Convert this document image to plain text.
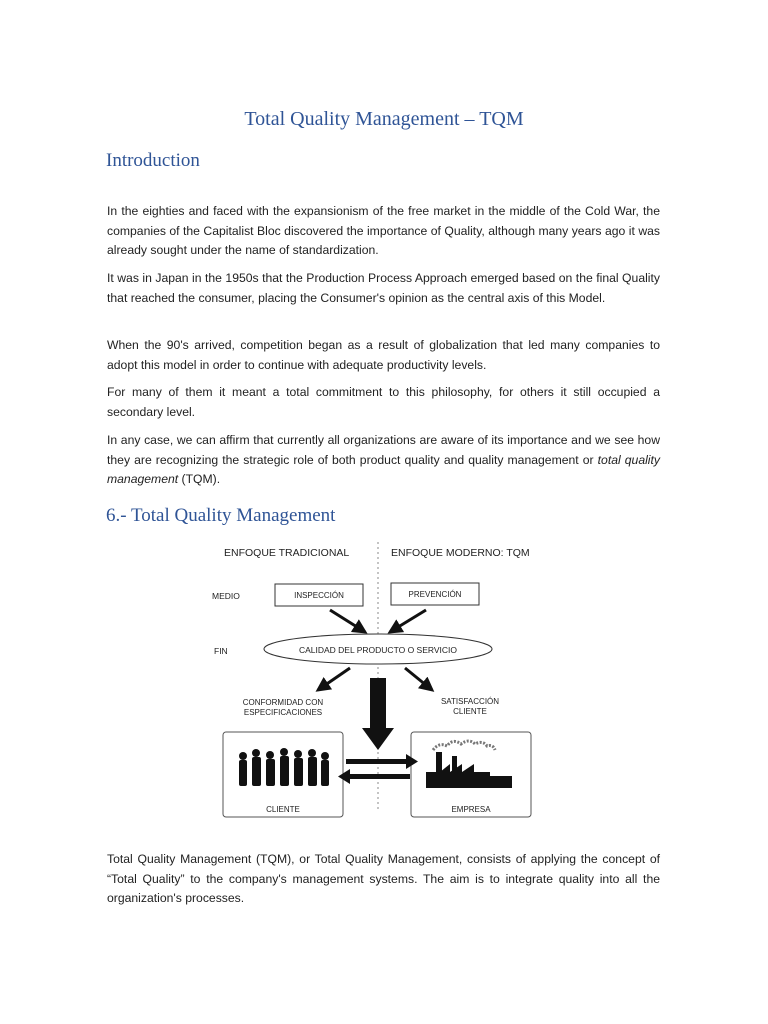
Total Quality Management – TQM
Introduction

In the eighties and faced with the expansionism of the free market in the middle of the Cold War, the companies of the Capitalist Bloc discovered the importance of Quality, although many years ago it was already sought under the name of standardization.

It was in Japan in the 1950s that the Production Process Approach emerged based on the final Quality that reached the consumer, placing the Consumer's opinion as the central axis of this Model.

When the 90's arrived, competition began as a result of globalization that led many companies to adopt this model in order to continue with adequate productivity levels.

For many of them it meant a total commitment to this philosophy, for others it still occupied a secondary level.

In any case, we can affirm that currently all organizations are aware of its importance and we see how they are recognizing the strategic role of both product quality and quality management or total quality management (TQM).

6.- Total Quality Management
ENFOQUE TRADICIONAL	ENFOQUE MODERNO: TQM
MEDIO
FIN
INSPECCIÓN	PREVENCIÓN
CALIDAD DEL PRODUCTO O SERVICIO
CONFORMIDAD CON
ESPECIFICACIONES
SATISFACCIÓN
CLIENTE
CLIENTE	EMPRESA

Total Quality Management (TQM), or Total Quality Management, consists of applying the concept of “Total Quality” to the company's management systems. The aim is to integrate quality into all the organization's processes.
